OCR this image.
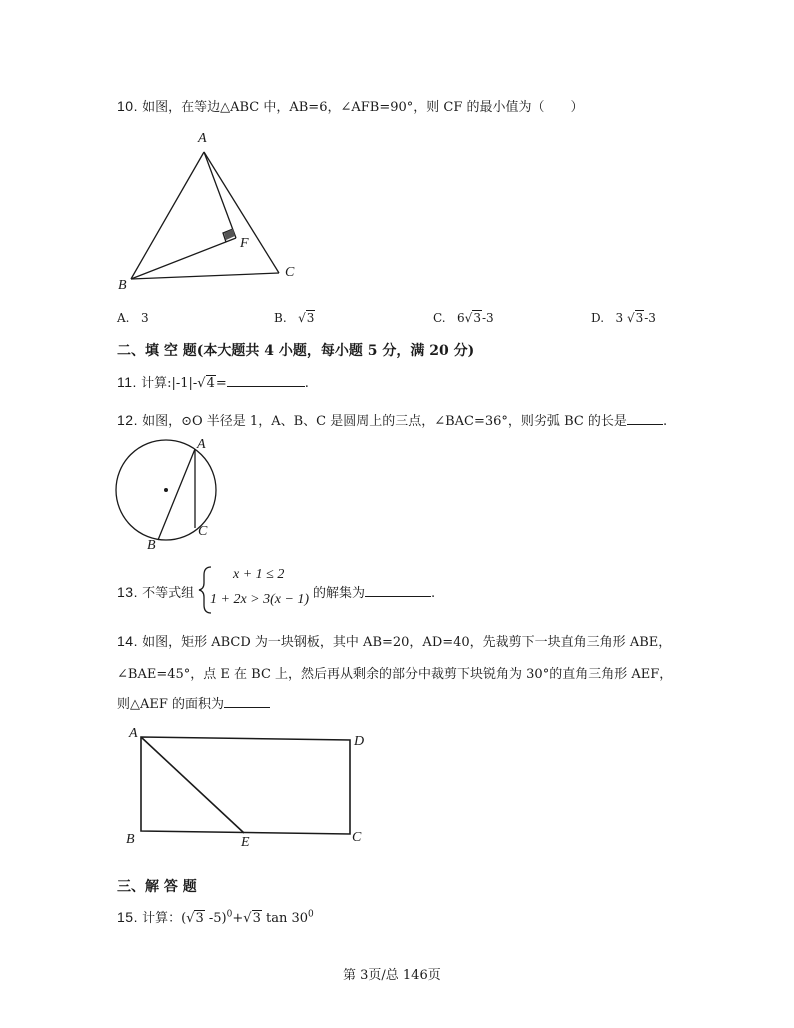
10. 如图，在等边△ABC 中，AB=6，∠AFB=90°，则 CF 的最小值为（　　）
A
B
C
F
A. 3	B. √3	C. 6√3-3	D. 3 √3-3
二、填 空 题(本大题共 4 小题，每小题 5 分，满 20 分)
11. 计算:|-1|-√4=	.
12. 如图，⊙O 半径是 1，A、B、C 是圆周上的三点，∠BAC=36°，则劣弧 BC 的长是	.
A
B
C
13. 不等式组
x + 1 ≤ 2
1 + 2x > 3(x − 1) 的解集为	.
14. 如图，矩形 ABCD 为一块钢板，其中 AB=20，AD=40，先裁剪下一块直角三角形 ABE，
∠BAE=45°，点 E 在 BC 上，然后再从剩余的部分中裁剪下块锐角为 30°的直角三角形 AEF，
则△AEF 的面积为
A
B	C
D
E
三、解 答 题
15. 计算：(√3 -5)$^0$+√3 $\tan 30^0$
第 3页/总 146页
